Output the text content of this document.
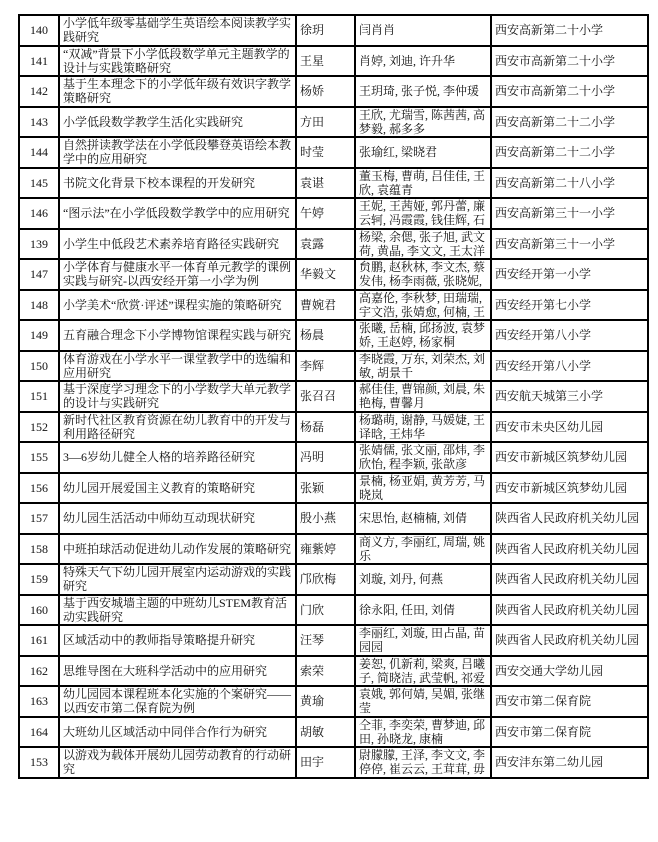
140	小学低年级零基础学生英语绘本阅读教学实践研究	徐玥	闫肖肖	西安高新第二十小学

141	“双减”背景下小学低段数学单元主题教学的设计与实践策略研究	王星	肖婷, 刘迪, 许升华	西安市高新第二十小学

142	基于生本理念下的小学低年级有效识字教学策略研究	杨娇	王玥琦, 张子悦, 李仲瑗	西安市高新第二十小学

143	小学低段数学教学生活化实践研究	方田	王欣, 尤瑞雪, 陈茜茜, 高梦毅, 郝多多	西安高新第二十二小学

144	自然拼读教学法在小学低段攀登英语绘本教学中的应用研究	时莹	张瑜红, 梁晓君	西安高新第二十二小学

145	书院文化背景下校本课程的开发研究	袁谌	董玉梅, 曹萌, 吕佳佳, 王欣, 袁蕴青	西安高新第二十八小学

146	“图示法”在小学低段数学教学中的应用研究	午婷	王妮, 王茜娅, 郭丹蕾, 廉云轲, 冯霞霞, 钱佳辉, 石	西安高新第三十一小学

139	小学生中低段艺术素养培育路径实践研究	袁露	杨梁, 余偲, 张子旭, 武文荷, 黄晶, 李文文, 王太洋	西安高新第三十一小学

147	小学体育与健康水平一体育单元教学的课例实践与研究-以西安经开第一小学为例	华毅文	贠鹏, 赵秋林, 李文杰, 蔡发伟, 杨李雨薇, 张晓妮,	西安经开第一小学

148	小学美术“欣赏·评述”课程实施的策略研究	曹婉君	高嘉伦, 李秋梦, 田瑞瑞, 宇文浩, 张婧愈, 何楠, 王	西安经开第七小学

149	五育融合理念下小学博物馆课程实践与研究	杨晨	张曦, 岳楠, 邱扬波, 袁梦娇, 王赵婷, 杨家桐	西安经开第八小学

150	体育游戏在小学水平一课堂教学中的选编和应用研究	李辉	李晓霞, 万东, 刘荣杰, 刘敏, 胡景千	西安经开第八小学

151	基于深度学习理念下的小学数学大单元教学的设计与实践研究	张召召	郝佳佳, 曹锦颜, 刘晨, 朱艳梅, 曹馨月	西安航天城第三小学

152	新时代社区教育资源在幼儿教育中的开发与利用路径研究	杨磊	杨璐萌, 谢静, 马媛婕, 王译晗, 王炜华	西安市未央区幼儿园

155	3—6岁幼儿健全人格的培养路径研究	冯明	张婧儒, 张文丽, 邵炜, 李欣怡, 程李颖, 张歆彦	西安市新城区筑梦幼儿园

156	幼儿园开展爱国主义教育的策略研究	张颖	景楠, 杨亚娟, 黄芳芳, 马晓岚	西安市新城区筑梦幼儿园

157	幼儿园生活活动中师幼互动现状研究	殷小燕	宋思怡, 赵楠楠, 刘倩	陕西省人民政府机关幼儿园

158	中班拍球活动促进幼儿动作发展的策略研究	雍紫婷	商义方, 李丽红, 周瑞, 姚乐	陕西省人民政府机关幼儿园

159	特殊天气下幼儿园开展室内运动游戏的实践研究	邝欣梅	刘璇, 刘丹, 何燕	陕西省人民政府机关幼儿园

160	基于西安城墙主题的中班幼儿STEM教育活动实践研究	门欣	徐永阳, 任田, 刘倩	陕西省人民政府机关幼儿园

161	区域活动中的教师指导策略提升研究	汪琴	李丽红, 刘璇, 田占晶, 苗园园	陕西省人民政府机关幼儿园

162	思维导图在大班科学活动中的应用研究	索荣	姜恕, 仉新莉, 梁爽, 吕曦子, 简晓洁, 武莹帆, 祁爱	西安交通大学幼儿园

163	幼儿园园本课程班本化实施的个案研究——以西安市第二保育院为例	黄瑜	袁娥, 郭何婧, 吴媚, 张继莹	西安市第二保育院

164	大班幼儿区域活动中同伴合作行为研究	胡敏	仝菲, 李奕荣, 曹梦迪, 邱田, 孙晓龙, 康楠	西安市第二保育院

153	以游戏为载体开展幼儿园劳动教育的行动研究	田宇	尉朦朦, 王泽, 李文文, 李停停, 崔云云, 王茸茸, 毋	西安沣东第二幼儿园
